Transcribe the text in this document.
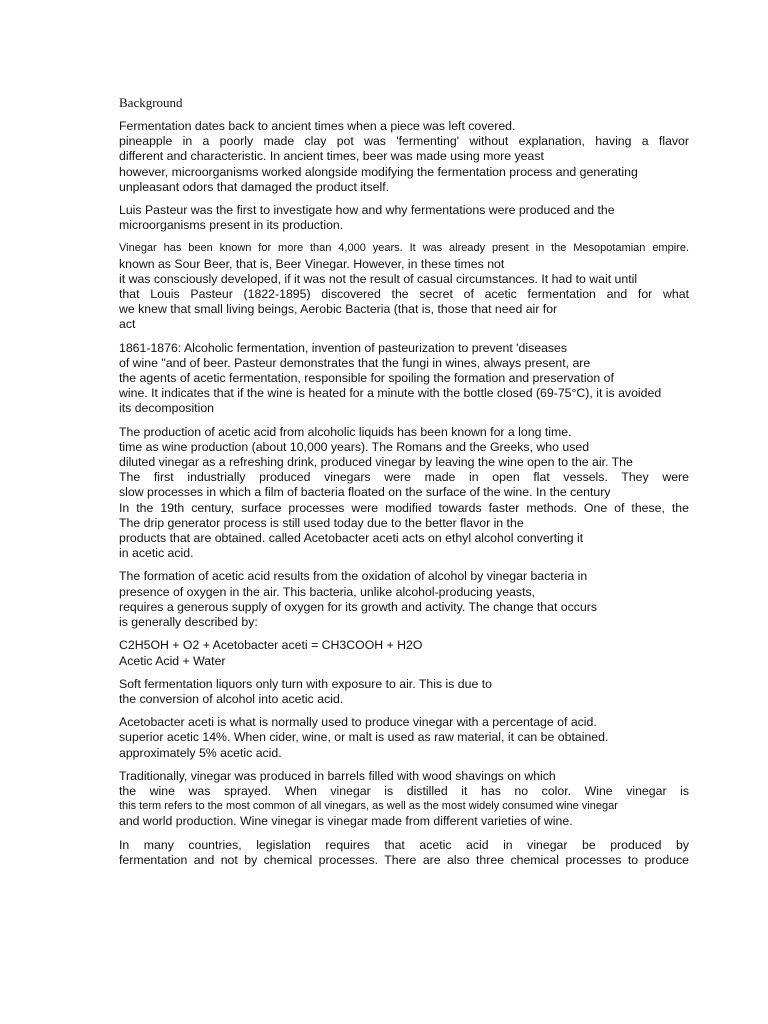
Background
Fermentation dates back to ancient times when a piece was left covered.
pineapple in a poorly made clay pot was 'fermenting' without explanation, having a flavor
different and characteristic. In ancient times, beer was made using more yeast
however, microorganisms worked alongside modifying the fermentation process and generating
unpleasant odors that damaged the product itself.
Luis Pasteur was the first to investigate how and why fermentations were produced and the
microorganisms present in its production.
Vinegar has been known for more than 4,000 years. It was already present in the Mesopotamian empire.
known as Sour Beer, that is, Beer Vinegar. However, in these times not
it was consciously developed, if it was not the result of casual circumstances. It had to wait until
that Louis Pasteur (1822-1895) discovered the secret of acetic fermentation and for what
we knew that small living beings, Aerobic Bacteria (that is, those that need air for
act
1861-1876: Alcoholic fermentation, invention of pasteurization to prevent 'diseases
of wine "and of beer. Pasteur demonstrates that the fungi in wines, always present, are
the agents of acetic fermentation, responsible for spoiling the formation and preservation of
wine. It indicates that if the wine is heated for a minute with the bottle closed (69-75°C), it is avoided
its decomposition
The production of acetic acid from alcoholic liquids has been known for a long time.
time as wine production (about 10,000 years). The Romans and the Greeks, who used
diluted vinegar as a refreshing drink, produced vinegar by leaving the wine open to the air. The
The first industrially produced vinegars were made in open flat vessels. They were
slow processes in which a film of bacteria floated on the surface of the wine. In the century
In the 19th century, surface processes were modified towards faster methods. One of these, the
The drip generator process is still used today due to the better flavor in the
products that are obtained. called Acetobacter aceti acts on ethyl alcohol converting it
in acetic acid.
The formation of acetic acid results from the oxidation of alcohol by vinegar bacteria in
presence of oxygen in the air. This bacteria, unlike alcohol-producing yeasts,
requires a generous supply of oxygen for its growth and activity. The change that occurs
is generally described by:
C2H5OH + O2 + Acetobacter aceti = CH3COOH + H2O
Acetic Acid + Water
Soft fermentation liquors only turn with exposure to air. This is due to
the conversion of alcohol into acetic acid.
Acetobacter aceti is what is normally used to produce vinegar with a percentage of acid.
superior acetic 14%. When cider, wine, or malt is used as raw material, it can be obtained.
approximately 5% acetic acid.
Traditionally, vinegar was produced in barrels filled with wood shavings on which
the wine was sprayed. When vinegar is distilled it has no color. Wine vinegar is
this term refers to the most common of all vinegars, as well as the most widely consumed wine vinegar
and world production. Wine vinegar is vinegar made from different varieties of wine.
In many countries, legislation requires that acetic acid in vinegar be produced by
fermentation and not by chemical processes. There are also three chemical processes to produce
